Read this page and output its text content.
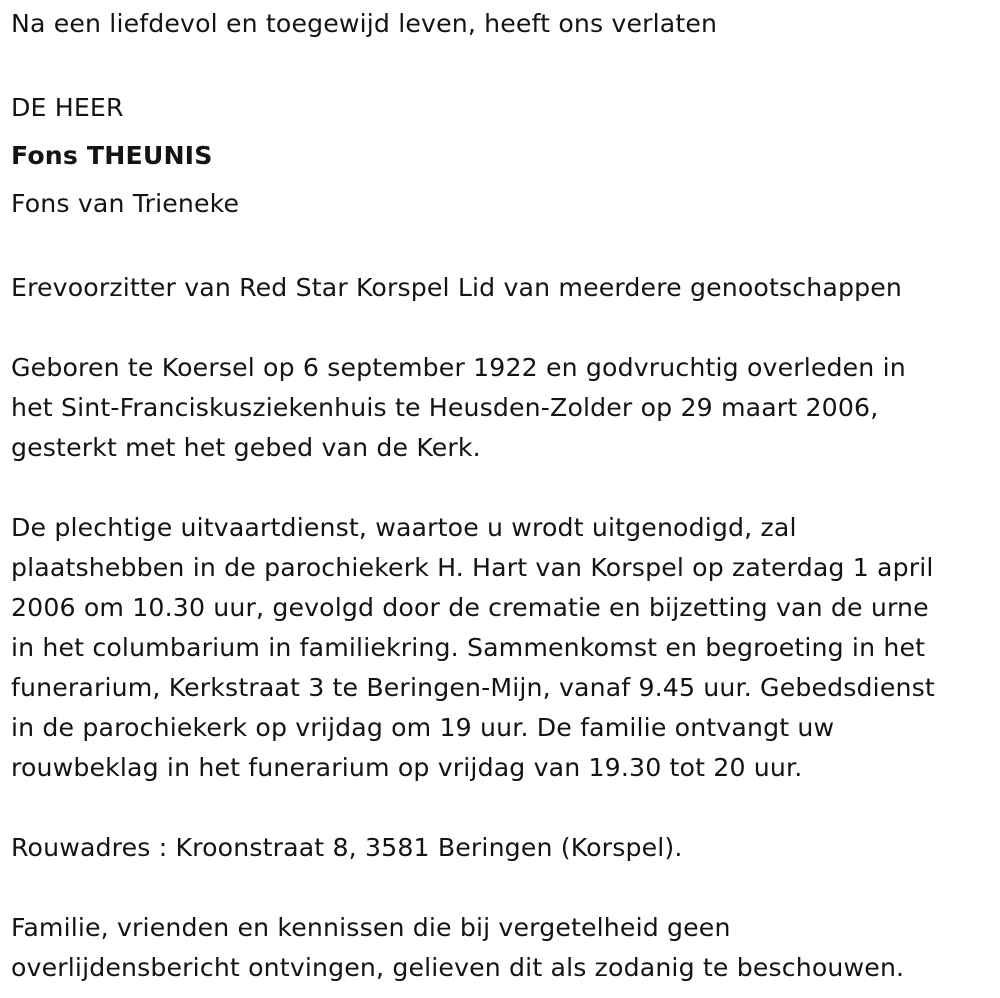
Na een liefdevol en toegewijd leven, heeft ons verlaten

DE HEER

Fons THEUNIS

Fons van Trieneke

Erevoorzitter van Red Star Korspel Lid van meerdere genootschappen

Geboren te Koersel op 6 september 1922 en godvruchtig overleden in

het Sint-Franciskusziekenhuis te Heusden-Zolder op 29 maart 2006,

gesterkt met het gebed van de Kerk.

De plechtige uitvaartdienst, waartoe u wrodt uitgenodigd, zal

plaatshebben in de parochiekerk H. Hart van Korspel op zaterdag 1 april

2006 om 10.30 uur, gevolgd door de crematie en bijzetting van de urne

in het columbarium in familiekring. Sammenkomst en begroeting in het

funerarium, Kerkstraat 3 te Beringen-Mijn, vanaf 9.45 uur. Gebedsdienst

in de parochiekerk op vrijdag om 19 uur. De familie ontvangt uw

rouwbeklag in het funerarium op vrijdag van 19.30 tot 20 uur.

Rouwadres : Kroonstraat 8, 3581 Beringen (Korspel).

Familie, vrienden en kennissen die bij vergetelheid geen

overlijdensbericht ontvingen, gelieven dit als zodanig te beschouwen.
